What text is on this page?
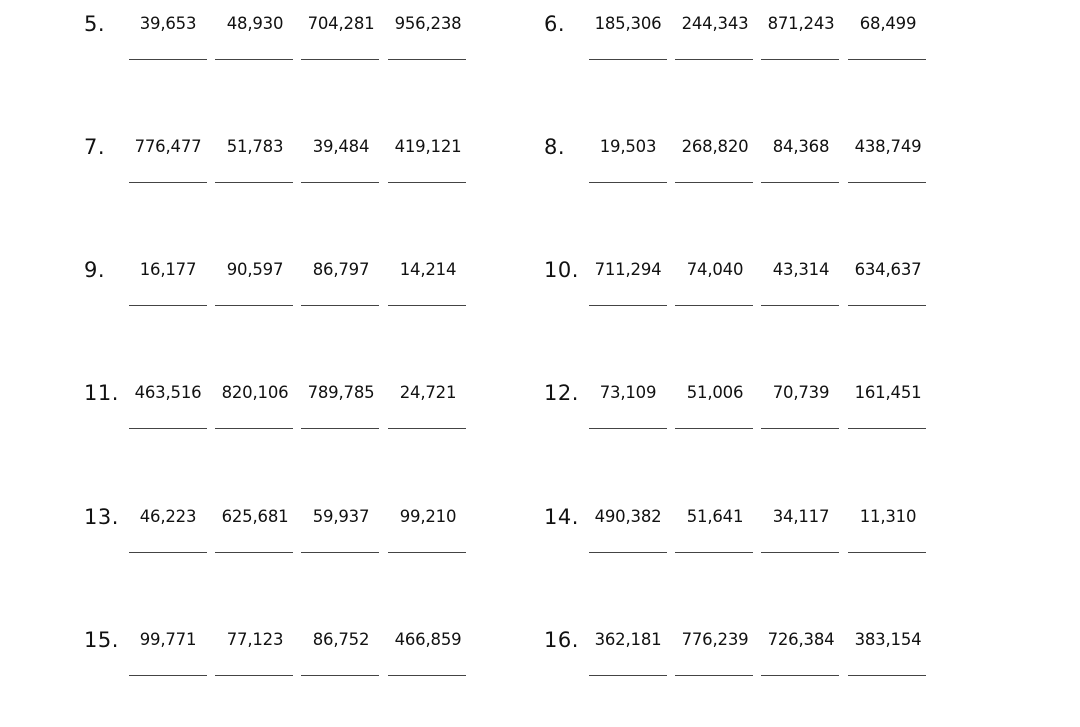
5.	39,653	48,930	704,281	956,238	6.	185,306	244,343	871,243	68,499
7.	776,477	51,783	39,484	419,121	8.	19,503	268,820	84,368	438,749
9.	16,177	90,597	86,797	14,214	10. 711,294	74,040	43,314	634,637
11. 463,516	820,106	789,785	24,721	12.	73,109	51,006	70,739	161,451
13.	46,223	625,681	59,937	99,210	14. 490,382	51,641	34,117	11,310
15.	99,771	77,123	86,752	466,859	16. 362,181	776,239	726,384	383,154
